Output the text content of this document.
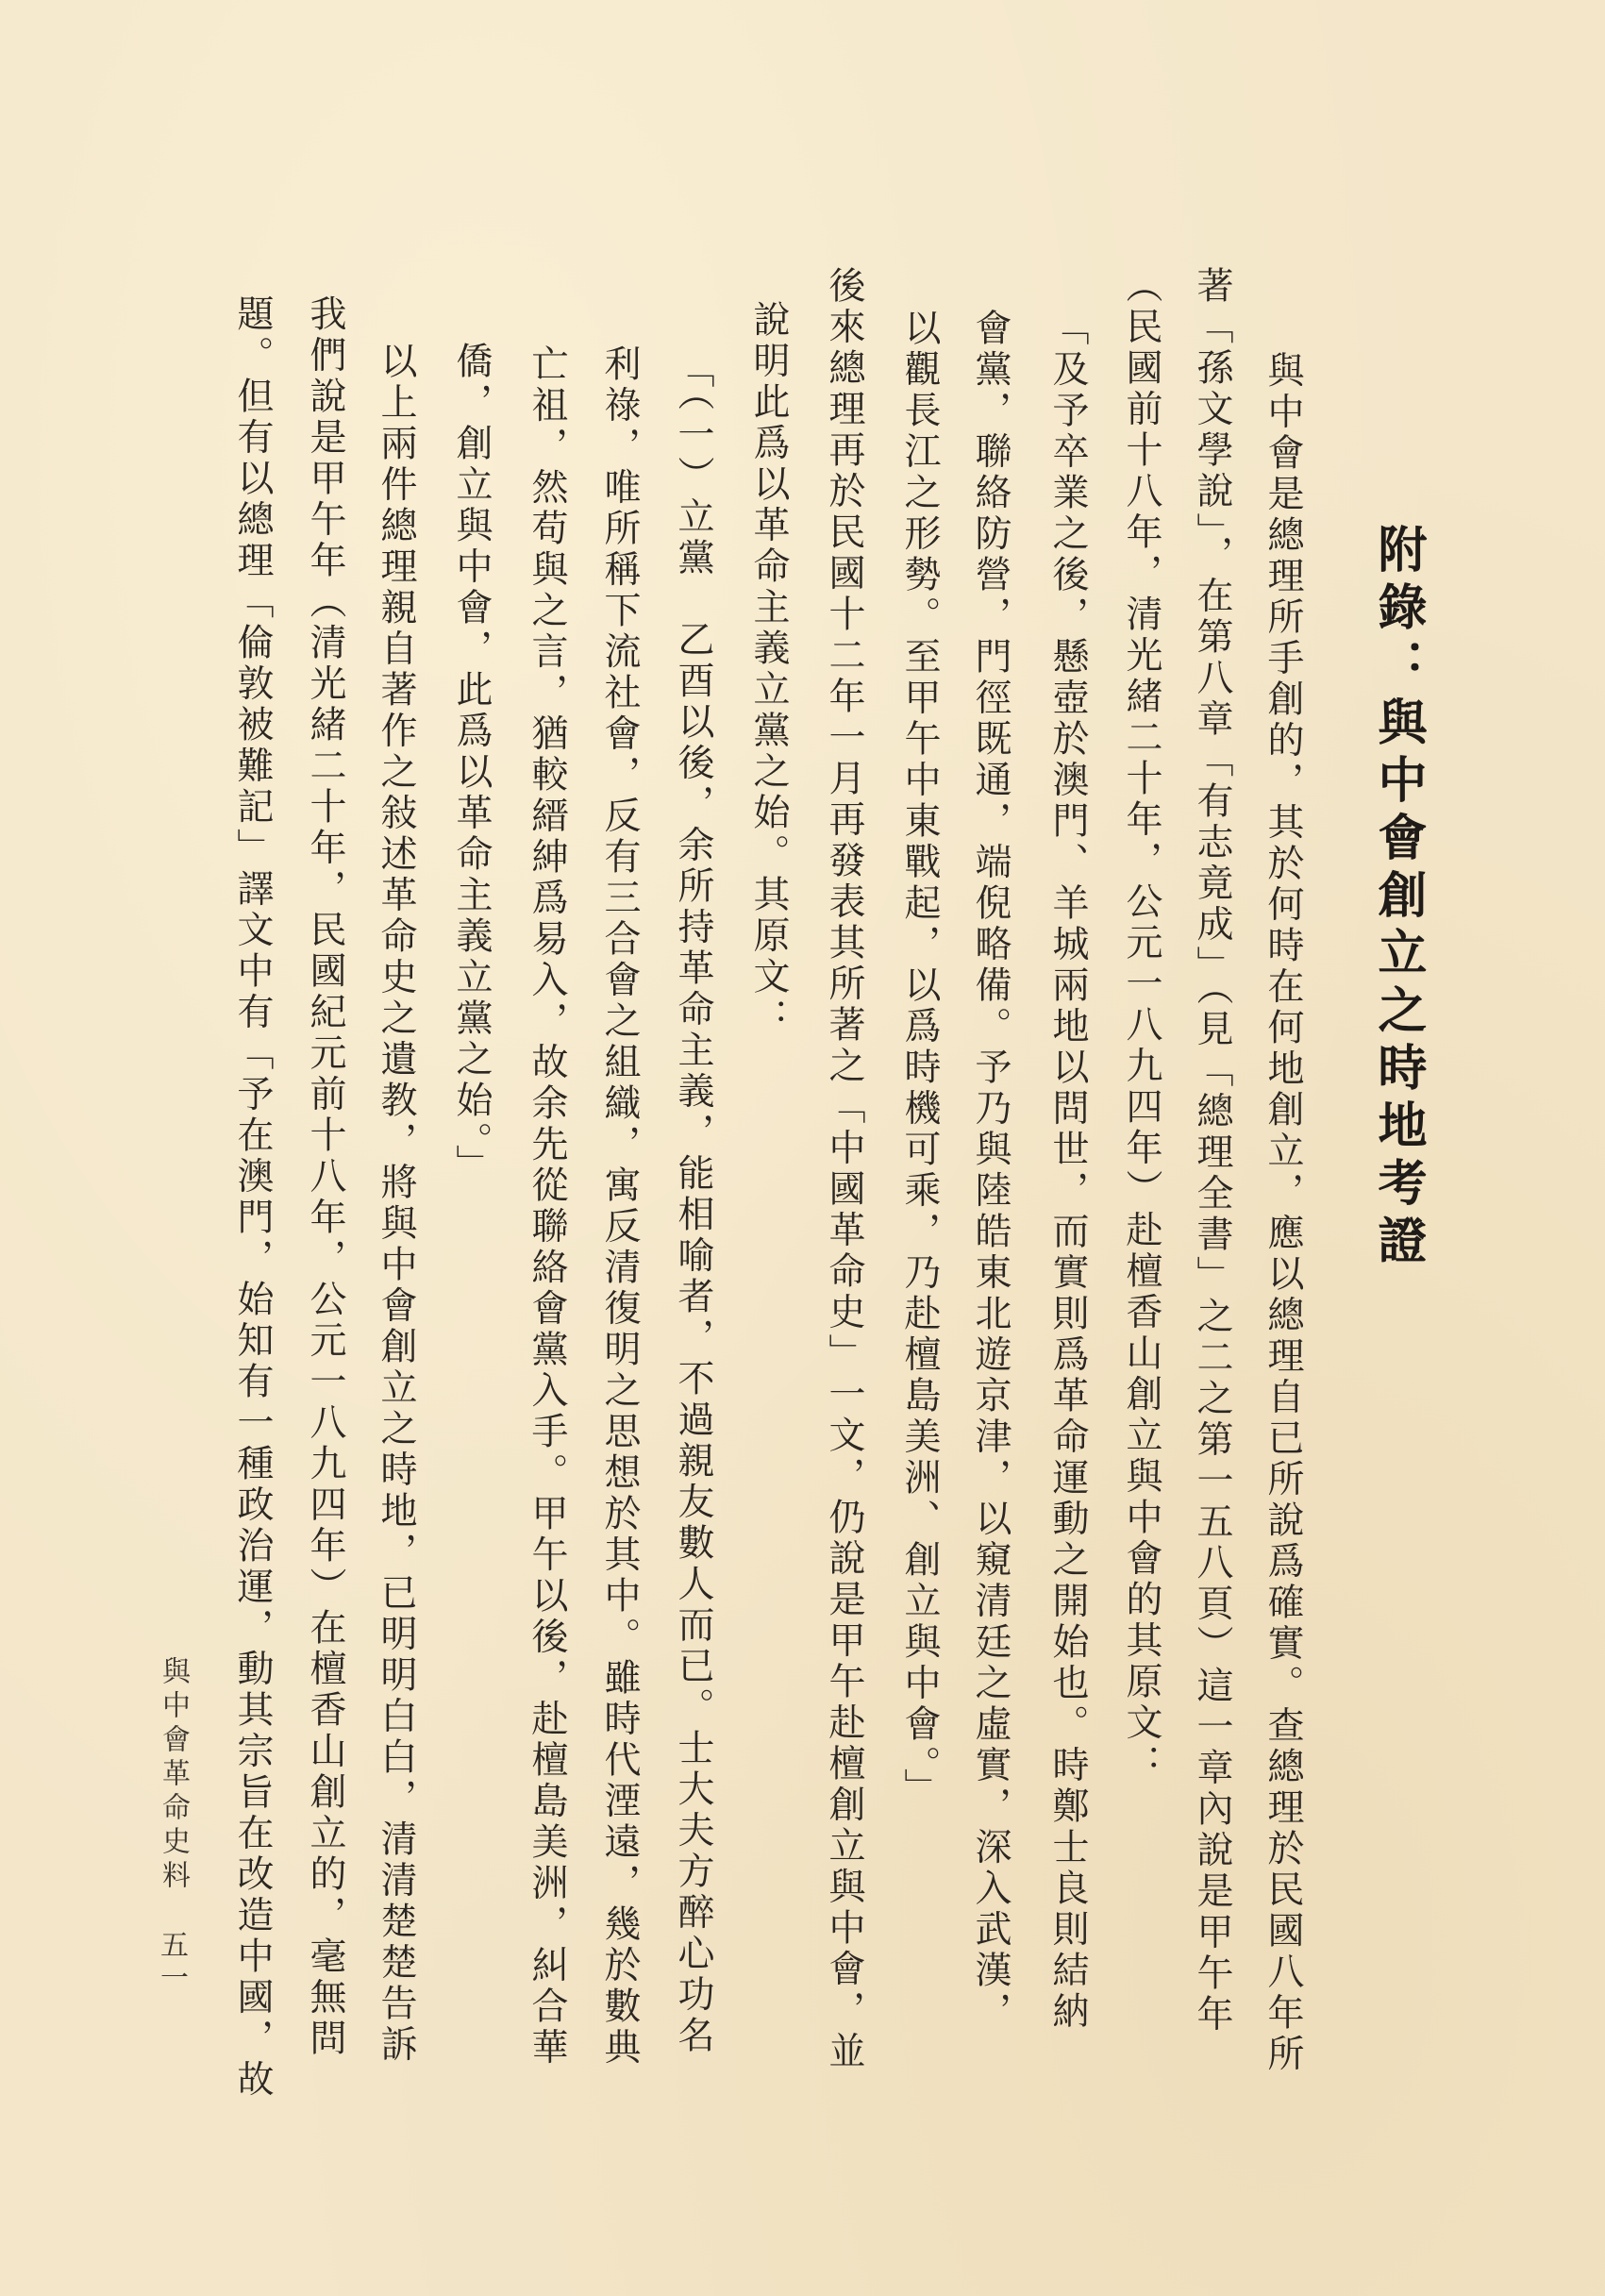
附錄：與中會創立之時地考證
與中會是總理所手創的，其於何時在何地創立，應以總理自已所說爲確實。查總理於民國八年所
著「孫文學說」，在第八章「有志竟成」（見「總理全書」之二之第一五八頁）這一章內說是甲午年
（民國前十八年，清光緒二十年，公元一八九四年）赴檀香山創立與中會的其原文：
「及予卒業之後，懸壺於澳門、羊城兩地以問世，而實則爲革命運動之開始也。時鄭士良則結納
會黨，聯絡防營，門徑既通，端倪略備。予乃與陸皓東北遊京津，以窺清廷之虛實，深入武漢，
以觀長江之形勢。至甲午中東戰起，以爲時機可乘，乃赴檀島美洲、創立與中會。」
後來總理再於民國十二年一月再發表其所著之「中國革命史」一文，仍說是甲午赴檀創立與中會，並
說明此爲以革命主義立黨之始。其原文：
「（一）立黨　乙酉以後，余所持革命主義，能相喻者，不過親友數人而已。士大夫方醉心功名
利祿，唯所稱下流社會，反有三合會之組織，寓反清復明之思想於其中。雖時代湮遠，幾於數典
亡祖，然苟與之言，猶較縉紳爲易入，故余先從聯絡會黨入手。甲午以後，赴檀島美洲，糾合華
僑，創立與中會，此爲以革命主義立黨之始。」
以上兩件總理親自著作之敍述革命史之遺教，將與中會創立之時地，已明明白白，清清楚楚告訴
我們說是甲午年（清光緒二十年，民國紀元前十八年，公元一八九四年）在檀香山創立的，毫無問
題。但有以總理「倫敦被難記」譯文中有「予在澳門，始知有一種政治運，動其宗旨在改造中國，故
與中會革命史料
五一
